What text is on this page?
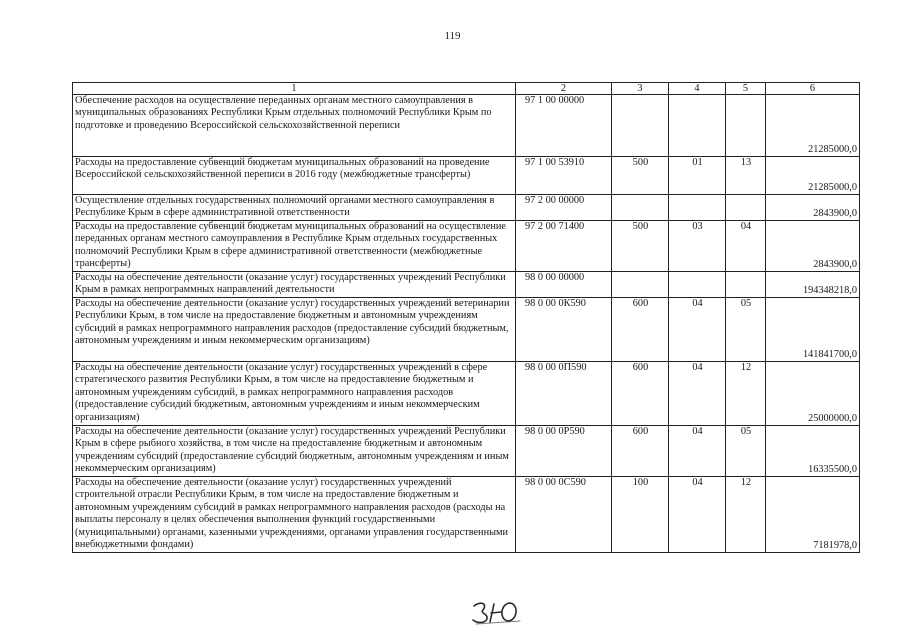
119
1	2	3	4	5	6
Обеспечение расходов на осуществление переданных органам местного самоуправления в муниципальных образованиях Республики Крым отдельных полномочий Республики Крым по подготовке и проведению Всероссийской сельскохозяйственной переписи	97 1 00 00000				21285000,0
Расходы на предоставление субвенций бюджетам муниципальных образований на проведение Всероссийской сельскохозяйственной переписи в 2016 году (межбюджетные трансферты)	97 1 00 53910	500	01	13	21285000,0
Осуществление отдельных государственных полномочий органами местного самоуправления в Республике Крым в сфере административной ответственности	97 2 00 00000				2843900,0
Расходы на предоставление субвенций бюджетам муниципальных образований на осуществление переданных органам местного самоуправления в Республике Крым отдельных государственных полномочий Республики Крым в сфере административной ответственности (межбюджетные трансферты)	97 2 00 71400	500	03	04	2843900,0
Расходы на обеспечение деятельности (оказание услуг) государственных учреждений Республики Крым в рамках непрограммных направлений деятельности	98 0 00 00000				194348218,0
Расходы на обеспечение деятельности (оказание услуг) государственных учреждений ветеринарии Республики Крым, в том числе на предоставление бюджетным и автономным учреждениям субсидий в рамках непрограммного направления расходов (предоставление субсидий бюджетным, автономным учреждениям и иным некоммерческим организациям)	98 0 00 0К590	600	04	05	141841700,0
Расходы на обеспечение деятельности (оказание услуг) государственных учреждений в сфере стратегического развития Республики Крым, в том числе на предоставление бюджетным и автономным учреждениям субсидий, в рамках непрограммного направления расходов (предоставление субсидий бюджетным, автономным учреждениям и иным некоммерческим организациям)	98 0 00 0П590	600	04	12	25000000,0
Расходы на обеспечение деятельности (оказание услуг) государственных учреждений Республики Крым в сфере рыбного хозяйства, в том числе на предоставление бюджетным и автономным учреждениям субсидий (предоставление субсидий бюджетным, автономным учреждениям и иным некоммерческим организациям)	98 0 00 0Р590	600	04	05	16335500,0
Расходы на обеспечение деятельности (оказание услуг) государственных учреждений строительной отрасли Республики Крым, в том числе на предоставление бюджетным и автономным учреждениям субсидий в рамках непрограммного направления расходов (расходы на выплаты персоналу в целях обеспечения выполнения функций государственными (муниципальными) органами, казенными учреждениями, органами управления государственными внебюджетными фондами)	98 0 00 0С590	100	04	12	7181978,0
